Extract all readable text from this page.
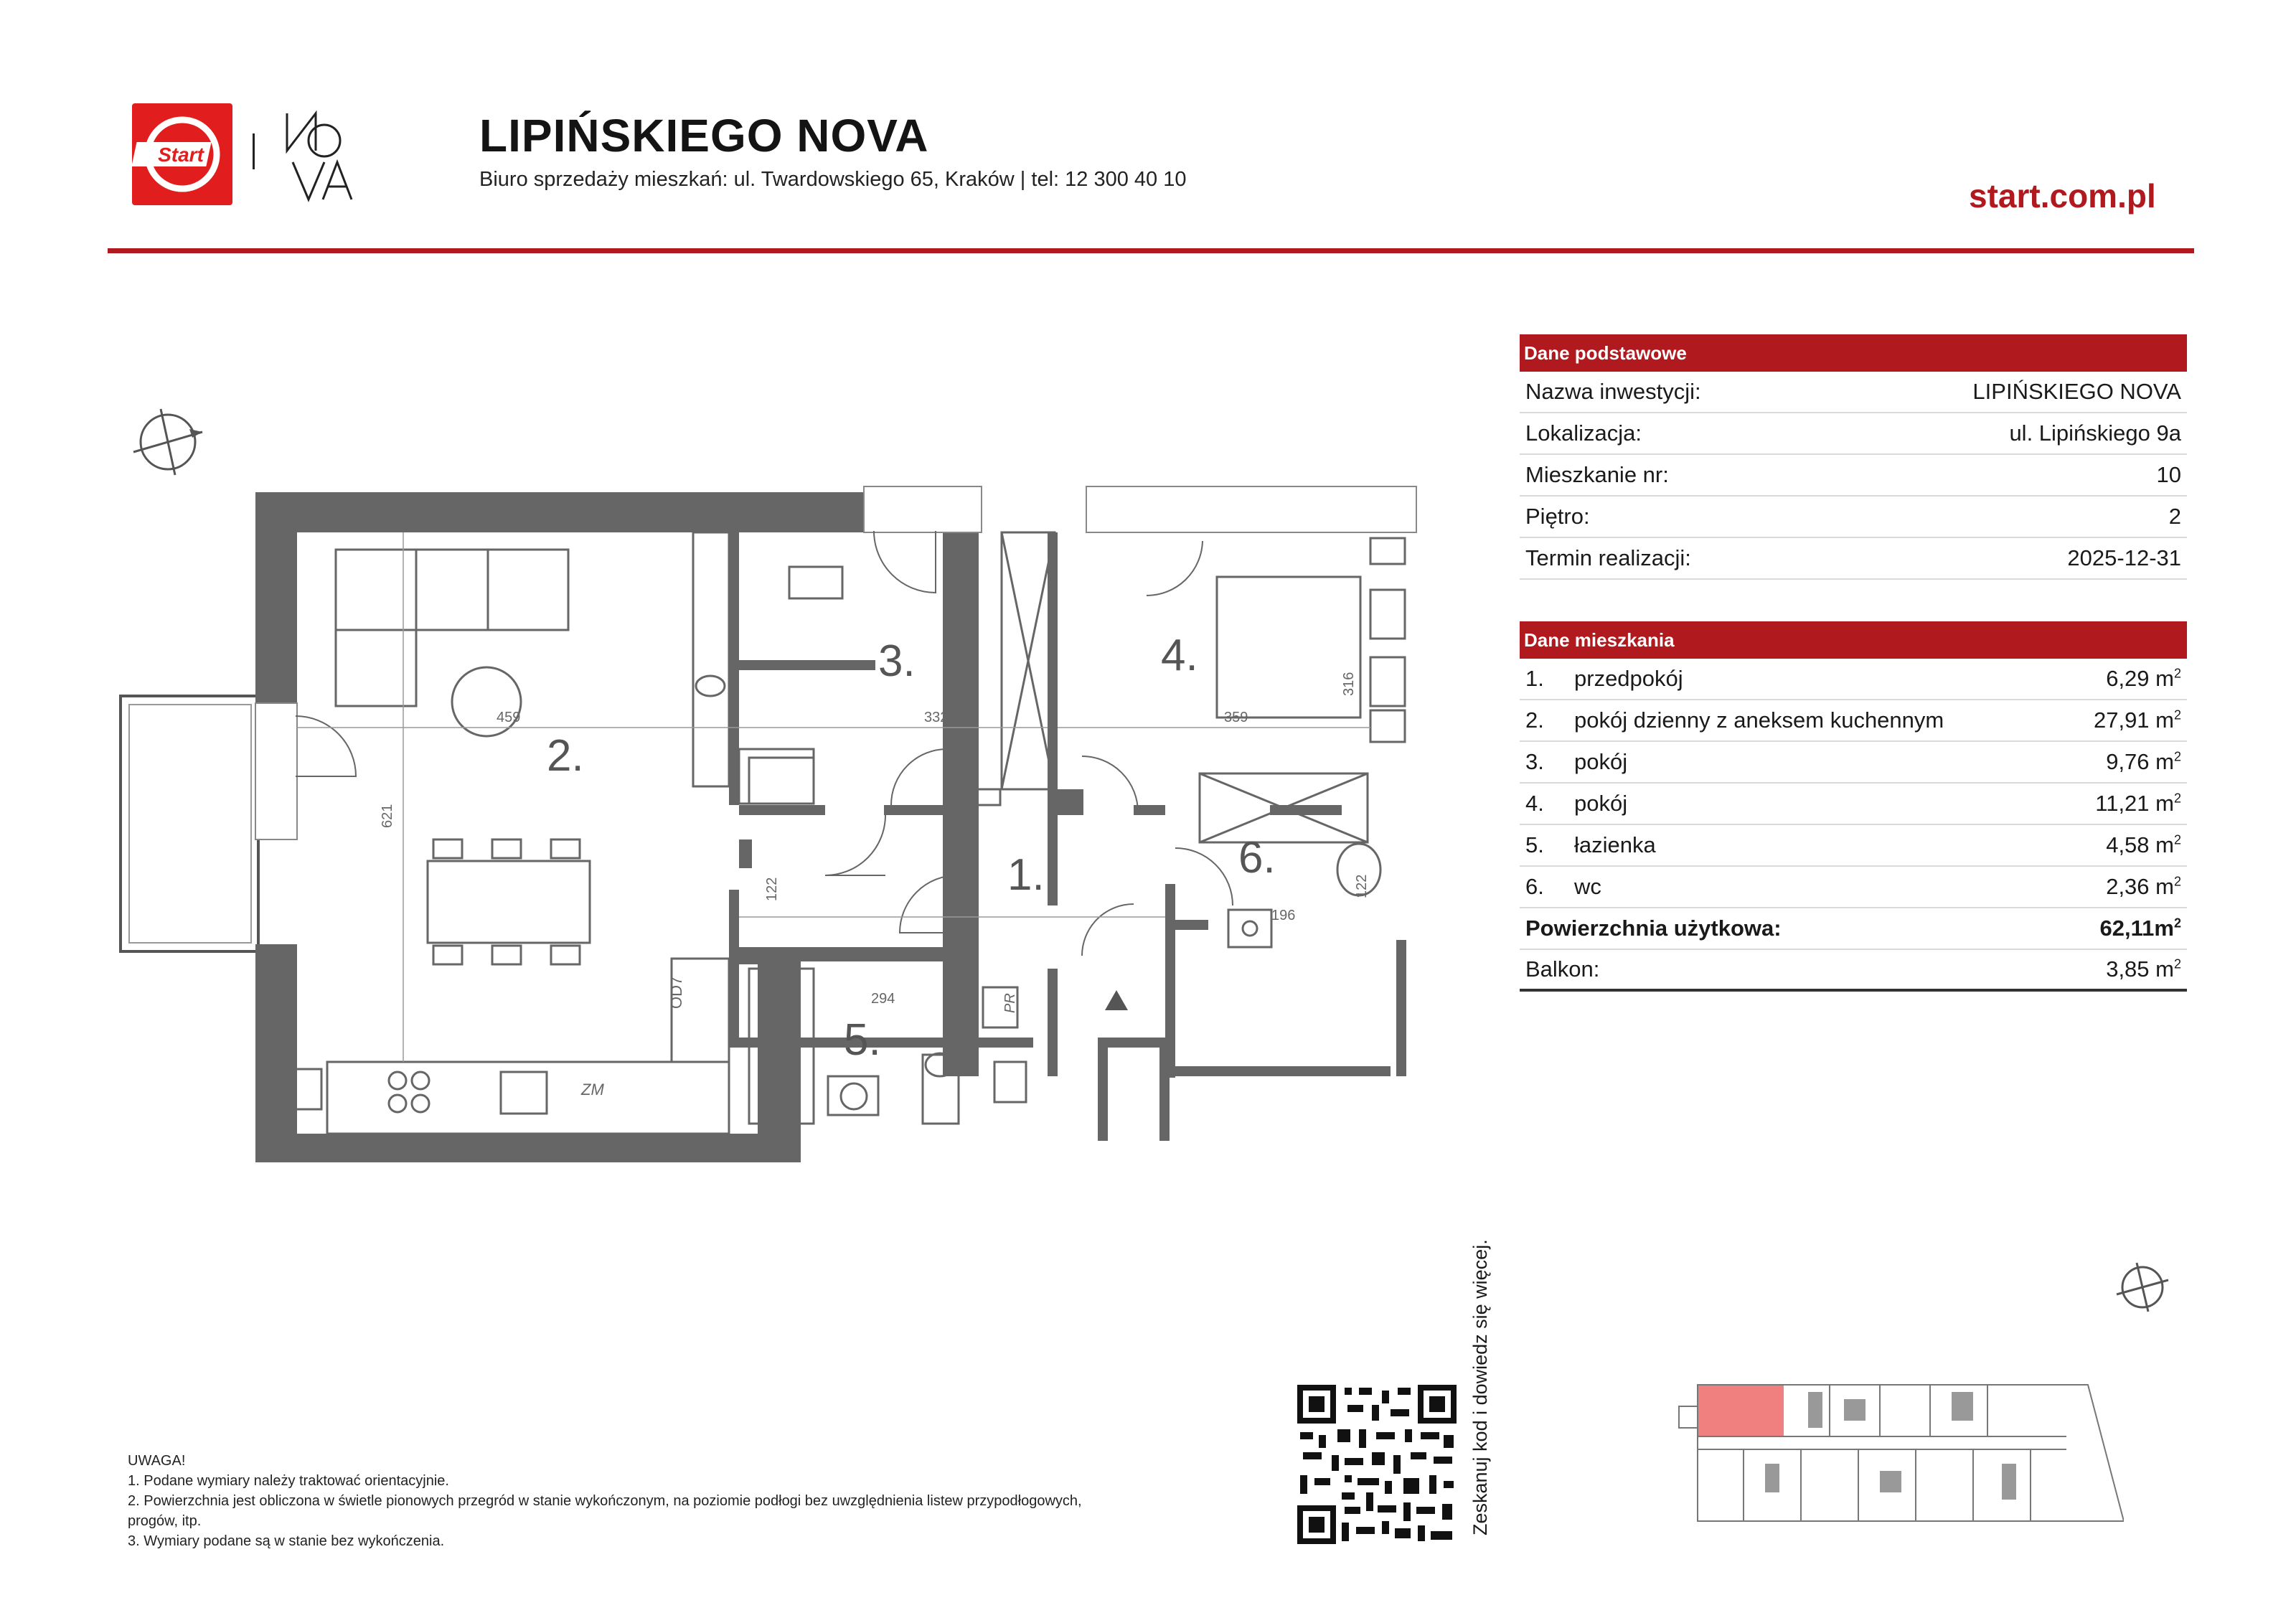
Start	LIPIŃSKIEGO NOVA
Biuro sprzedaży mieszkań: ul. Twardowskiego 65, Kraków | tel: 12 300 40 10	start.com.pl
459
621
332
266
359
316
172
478
122	122
294
167
196
OD7
ZM
PR
1.
2.
3.	4.
5.
6.
Dane podstawowe
Nazwa inwestycji:	LIPIŃSKIEGO NOVA
Lokalizacja:	ul. Lipińskiego 9a
Mieszkanie nr:	10
Piętro:	2
Termin realizacji:	2025-12-31
Dane mieszkania
1.	przedpokój	6,29 $m^2$
2.	pokój dzienny z aneksem kuchennym	27,91 $m^2$
3.	pokój	9,76 $m^2$
4.	pokój	11,21 $m^2$
5.	łazienka	4,58 $m^2$
6.	wc	2,36 $m^2$
Powierzchnia użytkowa:	$62,11m^2$
Balkon:	3,85 $m^2$
UWAGA!
1. Podane wymiary należy traktować orientacyjnie.
2. Powierzchnia jest obliczona w świetle pionowych przegród w stanie wykończonym, na poziomie podłogi bez uwzględnienia listew przypodłogowych,
progów, itp.
3. Wymiary podane są w stanie bez wykończenia.
Zeskanuj kod i dowiedz się więcej.
